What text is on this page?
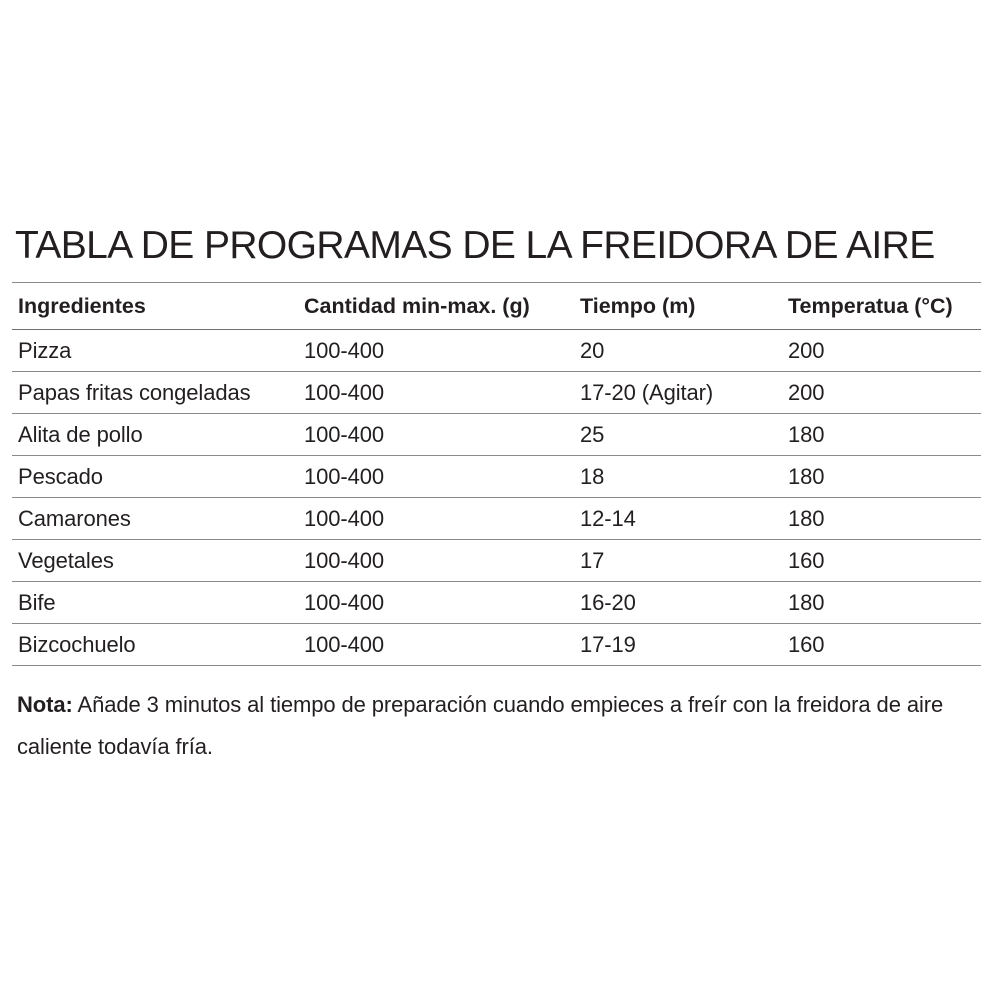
TABLA DE PROGRAMAS DE LA FREIDORA DE AIRE
Ingredientes	Cantidad min-max. (g)	Tiempo (m)	Temperatua (°C)
Pizza	100-400	20	200
Papas fritas congeladas	100-400	17-20 (Agitar)	200
Alita de pollo	100-400	25	180
Pescado	100-400	18	180
Camarones	100-400	12-14	180
Vegetales	100-400	17	160
Bife	100-400	16-20	180
Bizcochuelo	100-400	17-19	160
Nota: Añade 3 minutos al tiempo de preparación cuando empieces a freír con la freidora de aire caliente todavía fría.
